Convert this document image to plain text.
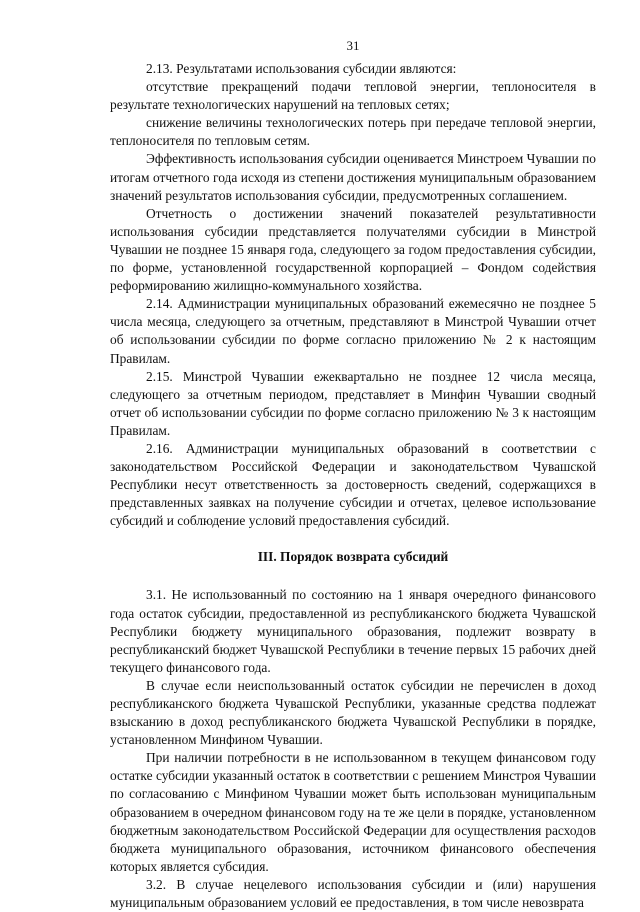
31

2.13. Результатами использования субсидии являются:

отсутствие прекращений подачи тепловой энергии, теплоносителя в результате технологических нарушений на тепловых сетях;

снижение величины технологических потерь при передаче тепловой энергии, теплоносителя по тепловым сетям.

Эффективность использования субсидии оценивается Минстроем Чувашии по итогам отчетного года исходя из степени достижения муниципальным образованием значений результатов использования субсидии, предусмотренных соглашением.

Отчетность о достижении значений показателей результативности использования субсидии представляется получателями субсидии в Минстрой Чувашии не позднее 15 января года, следующего за годом предоставления субсидии, по форме, установленной государственной корпорацией – Фондом содействия реформированию жилищно-коммунального хозяйства.

2.14. Администрации муниципальных образований ежемесячно не позднее 5 числа месяца, следующего за отчетным, представляют в Минстрой Чувашии отчет об использовании субсидии по форме согласно приложению № 2 к настоящим Правилам.

2.15. Минстрой Чувашии ежеквартально не позднее 12 числа месяца, следующего за отчетным периодом, представляет в Минфин Чувашии сводный отчет об использовании субсидии по форме согласно приложению № 3 к настоящим Правилам.

2.16. Администрации муниципальных образований в соответствии с законодательством Российской Федерации и законодательством Чувашской Республики несут ответственность за достоверность сведений, содержащихся в представленных заявках на получение субсидии и отчетах, целевое использование субсидий и соблюдение условий предоставления субсидий.

III. Порядок возврата субсидий

3.1. Не использованный по состоянию на 1 января очередного финансового года остаток субсидии, предоставленной из республиканского бюджета Чувашской Республики бюджету муниципального образования, подлежит возврату в республиканский бюджет Чувашской Республики в течение первых 15 рабочих дней текущего финансового года.

В случае если неиспользованный остаток субсидии не перечислен в доход республиканского бюджета Чувашской Республики, указанные средства подлежат взысканию в доход республиканского бюджета Чувашской Республики в порядке, установленном Минфином Чувашии.

При наличии потребности в не использованном в текущем финансовом году остатке субсидии указанный остаток в соответствии с решением Минстроя Чувашии по согласованию с Минфином Чувашии может быть использован муниципальным образованием в очередном финансовом году на те же цели в порядке, установленном бюджетным законодательством Российской Федерации для осуществления расходов бюджета муниципального образования, источником финансового обеспечения которых является субсидия.

3.2. В случае нецелевого использования субсидии и (или) нарушения муниципальным образованием условий ее предоставления, в том числе невозврата
